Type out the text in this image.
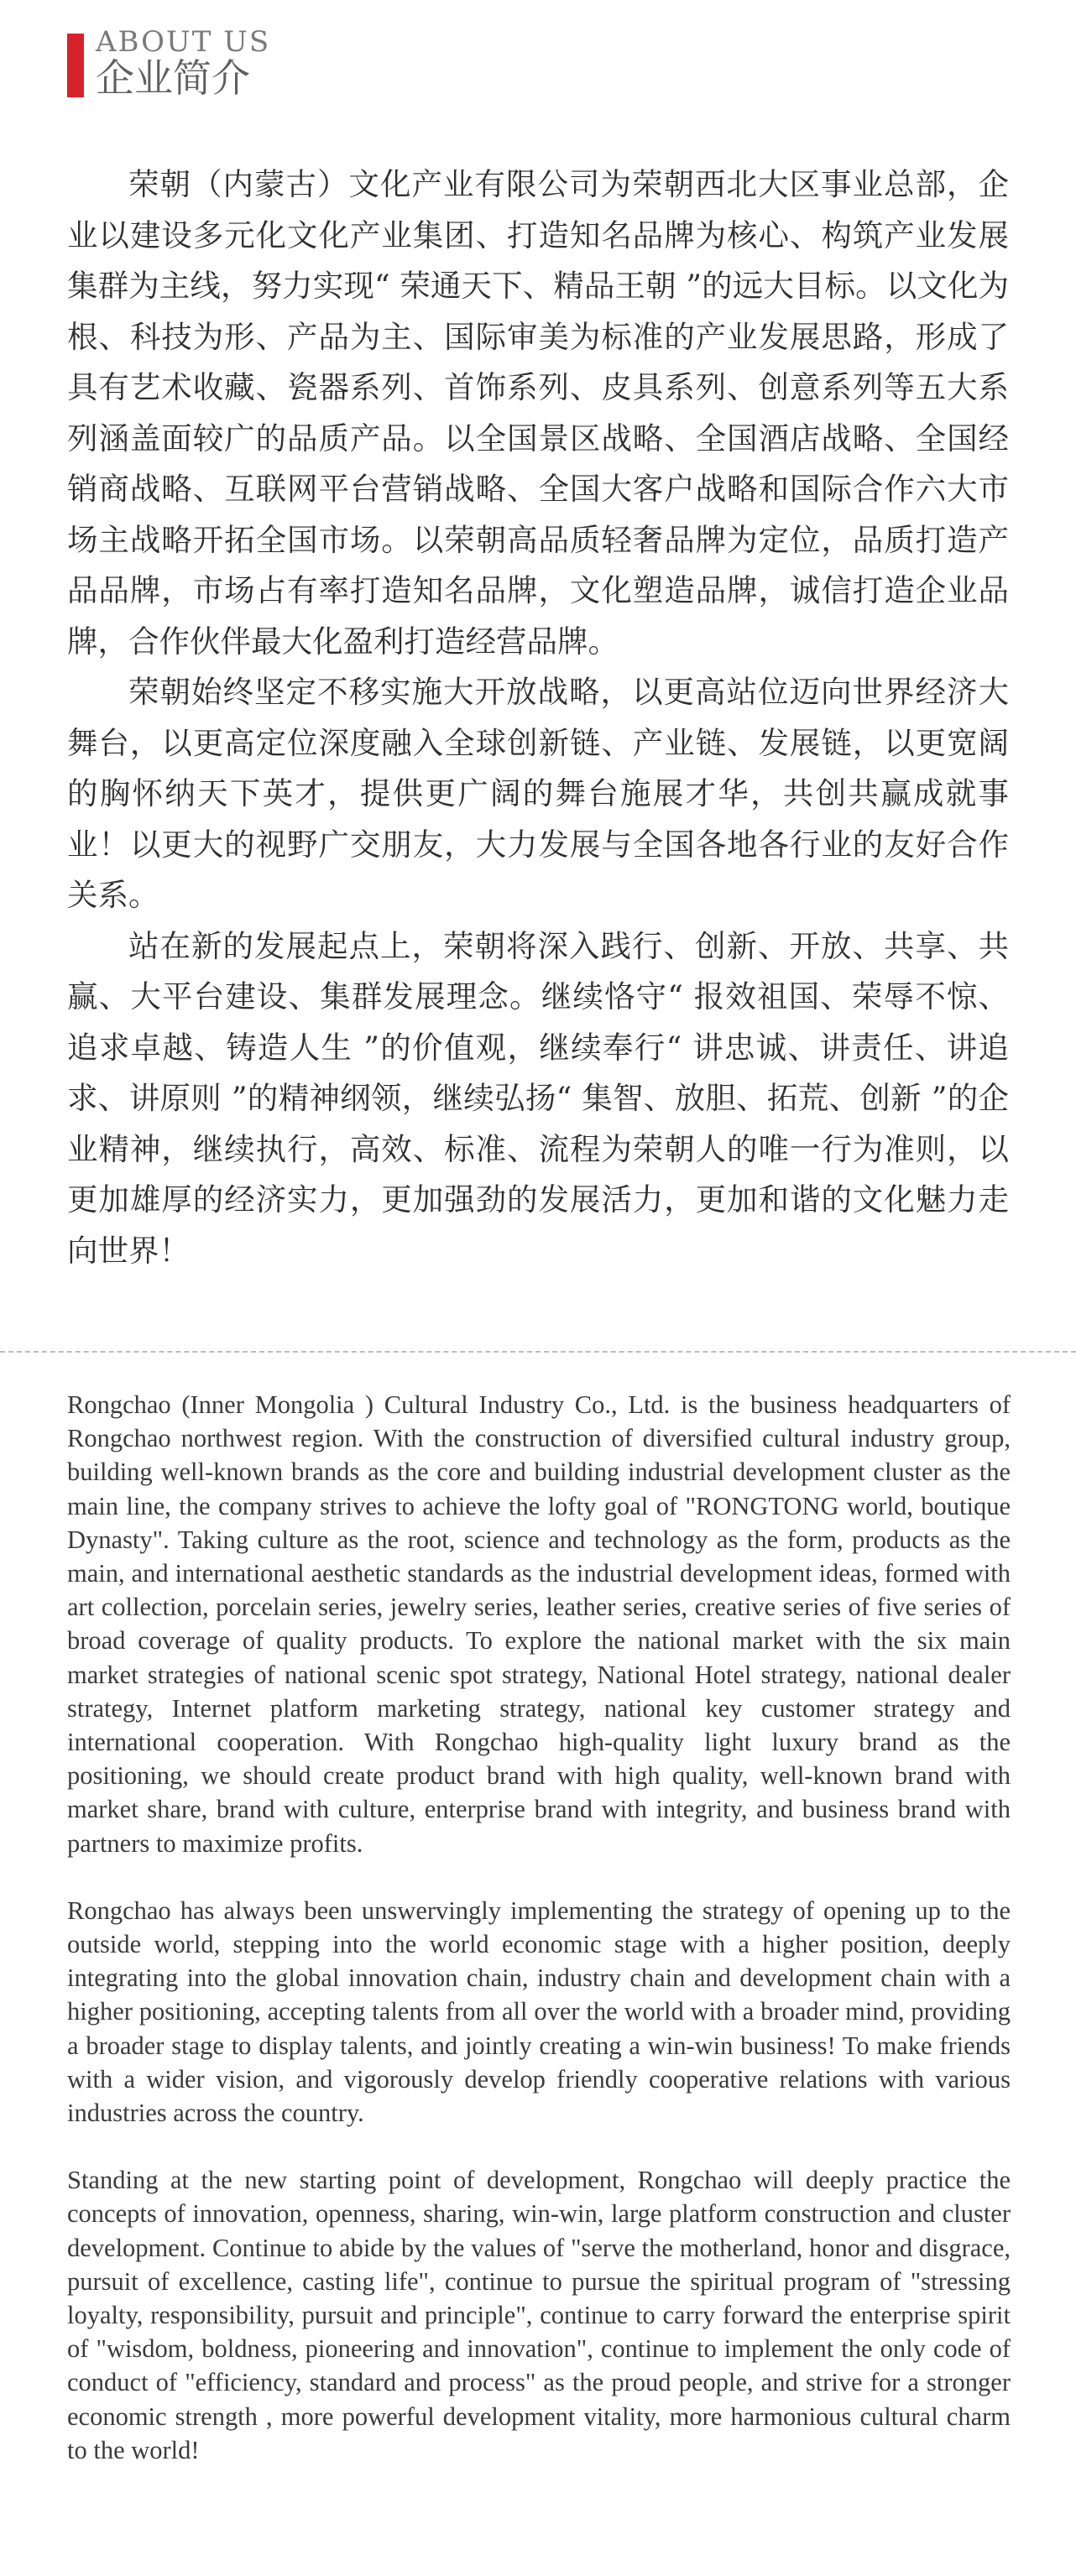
ABOUT US
企业简介

荣朝（内蒙古）文化产业有限公司为荣朝西北大区事业总部，企业以建设多元化文化产业集团、打造知名品牌为核心、构筑产业发展集群为主线，努力实现“ 荣通天下、精品王朝 ”的远大目标。以文化为根、科技为形、产品为主、国际审美为标准的产业发展思路，形成了具有艺术收藏、瓷器系列、首饰系列、皮具系列、创意系列等五大系列涵盖面较广的品质产品。以全国景区战略、全国酒店战略、全国经销商战略、互联网平台营销战略、全国大客户战略和国际合作六大市场主战略开拓全国市场。以荣朝高品质轻奢品牌为定位，品质打造产品品牌，市场占有率打造知名品牌，文化塑造品牌，诚信打造企业品牌，合作伙伴最大化盈利打造经营品牌。

荣朝始终坚定不移实施大开放战略，以更高站位迈向世界经济大舞台，以更高定位深度融入全球创新链、产业链、发展链，以更宽阔的胸怀纳天下英才，提供更广阔的舞台施展才华，共创共赢成就事业！以更大的视野广交朋友，大力发展与全国各地各行业的友好合作关系。

站在新的发展起点上，荣朝将深入践行、创新、开放、共享、共赢、大平台建设、集群发展理念。继续恪守“ 报效祖国、荣辱不惊、追求卓越、铸造人生 ”的价值观，继续奉行“ 讲忠诚、讲责任、讲追求、讲原则 ”的精神纲领，继续弘扬“ 集智、放胆、拓荒、创新 ”的企业精神，继续执行，高效、标准、流程为荣朝人的唯一行为准则，以更加雄厚的经济实力，更加强劲的发展活力，更加和谐的文化魅力走向世界！

Rongchao (Inner Mongolia ) Cultural Industry Co., Ltd. is the business headquarters of Rongchao northwest region. With the construction of diversified cultural industry group, building well-known brands as the core and building industrial development cluster as the main line, the company strives to achieve the lofty goal of "RONGTONG world, boutique Dynasty". Taking culture as the root, science and technology as the form, products as the main, and international aesthetic standards as the industrial development ideas, formed with art collection, porcelain series, jewelry series, leather series, creative series of five series of broad coverage of quality products. To explore the national market with the six main market strategies of national scenic spot strategy, National Hotel strategy, national dealer strategy, Internet platform marketing strategy, national key customer strategy and international cooperation. With Rongchao high-quality light luxury brand as the positioning, we should create product brand with high quality, well-known brand with market share, brand with culture, enterprise brand with integrity, and business brand with partners to maximize profits.

Rongchao has always been unswervingly implementing the strategy of opening up to the outside world, stepping into the world economic stage with a higher position, deeply integrating into the global innovation chain, industry chain and development chain with a higher positioning, accepting talents from all over the world with a broader mind, providing a broader stage to display talents, and jointly creating a win-win business! To make friends with a wider vision, and vigorously develop friendly cooperative relations with various industries across the country.

Standing at the new starting point of development, Rongchao will deeply practice the concepts of innovation, openness, sharing, win-win, large platform construction and cluster development. Continue to abide by the values of "serve the motherland, honor and disgrace, pursuit of excellence, casting life", continue to pursue the spiritual program of "stressing loyalty, responsibility, pursuit and principle", continue to carry forward the enterprise spirit of "wisdom, boldness, pioneering and innovation", continue to implement the only code of conduct of "efficiency, standard and process" as the proud people, and strive for a stronger economic strength , more powerful development vitality, more harmonious cultural charm to the world!
